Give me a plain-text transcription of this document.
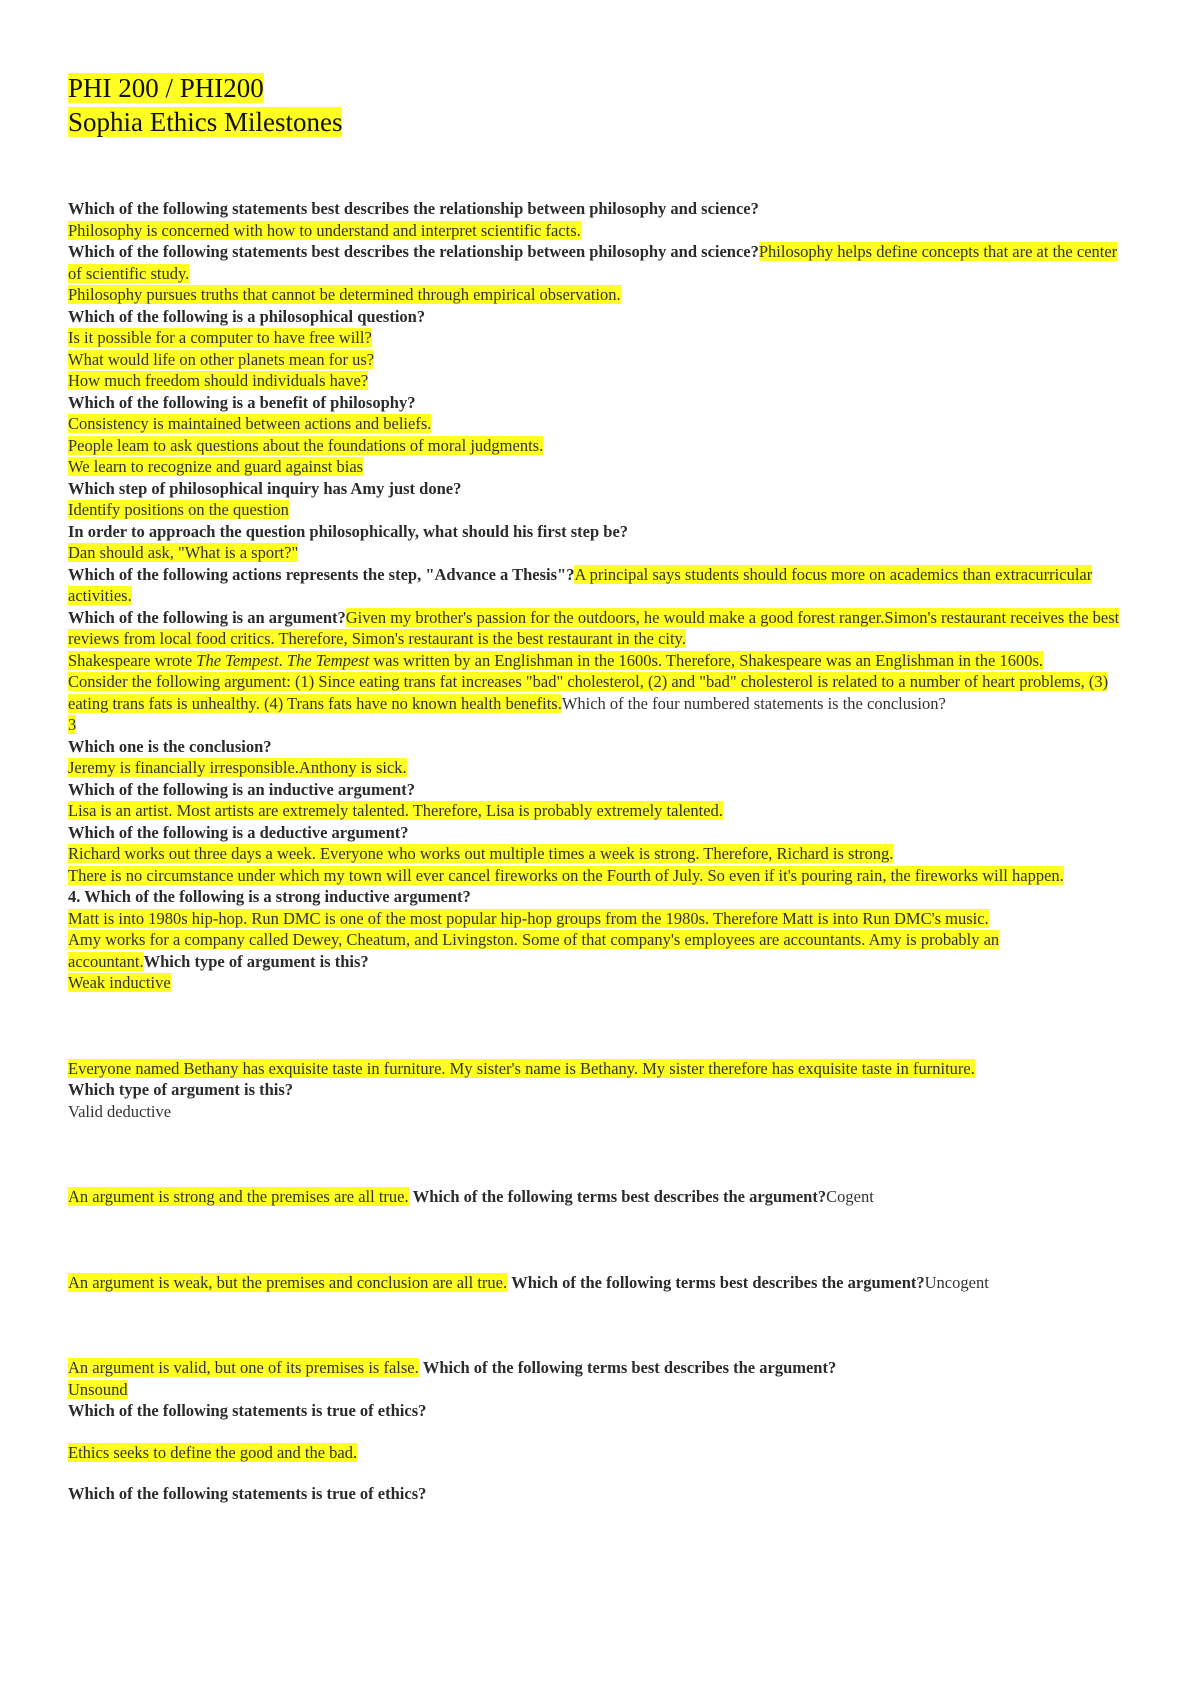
PHI 200 / PHI200
Sophia Ethics Milestones

Which of the following statements best describes the relationship between philosophy and science?

Philosophy is concerned with how to understand and interpret scientific facts.

Which of the following statements best describes the relationship between philosophy and science?Philosophy helps define concepts that are at the center of scientific study.

Philosophy pursues truths that cannot be determined through empirical observation.

Which of the following is a philosophical question?

Is it possible for a computer to have free will?

What would life on other planets mean for us?

How much freedom should individuals have?

Which of the following is a benefit of philosophy?

Consistency is maintained between actions and beliefs.

People leam to ask questions about the foundations of moral judgments.

We learn to recognize and guard against bias

Which step of philosophical inquiry has Amy just done?

Identify positions on the question

In order to approach the question philosophically, what should his first step be?

Dan should ask, "What is a sport?"

Which of the following actions represents the step, "Advance a Thesis"?A principal says students should focus more on academics than extracurricular activities.

Which of the following is an argument?Given my brother's passion for the outdoors, he would make a good forest ranger.Simon's restaurant receives the best reviews from local food critics. Therefore, Simon's restaurant is the best restaurant in the city.

Shakespeare wrote The Tempest. The Tempest was written by an Englishman in the 1600s. Therefore, Shakespeare was an Englishman in the 1600s.

Consider the following argument: (1) Since eating trans fat increases "bad" cholesterol, (2) and "bad" cholesterol is related to a number of heart problems, (3) eating trans fats is unhealthy. (4) Trans fats have no known health benefits.Which of the four numbered statements is the conclusion?

3

Which one is the conclusion?

Jeremy is financially irresponsible.Anthony is sick.

Which of the following is an inductive argument?

Lisa is an artist. Most artists are extremely talented. Therefore, Lisa is probably extremely talented.

Which of the following is a deductive argument?

Richard works out three days a week. Everyone who works out multiple times a week is strong. Therefore, Richard is strong.

There is no circumstance under which my town will ever cancel fireworks on the Fourth of July. So even if it's pouring rain, the fireworks will happen.

4. Which of the following is a strong inductive argument?

Matt is into 1980s hip-hop. Run DMC is one of the most popular hip-hop groups from the 1980s. Therefore Matt is into Run DMC's music.

Amy works for a company called Dewey, Cheatum, and Livingston. Some of that company's employees are accountants. Amy is probably an accountant.Which type of argument is this?

Weak inductive

Everyone named Bethany has exquisite taste in furniture. My sister's name is Bethany. My sister therefore has exquisite taste in furniture.

Which type of argument is this?

Valid deductive

An argument is strong and the premises are all true. Which of the following terms best describes the argument?Cogent

An argument is weak, but the premises and conclusion are all true. Which of the following terms best describes the argument?Uncogent

An argument is valid, but one of its premises is false. Which of the following terms best describes the argument?

Unsound

Which of the following statements is true of ethics?

Ethics seeks to define the good and the bad.

Which of the following statements is true of ethics?
